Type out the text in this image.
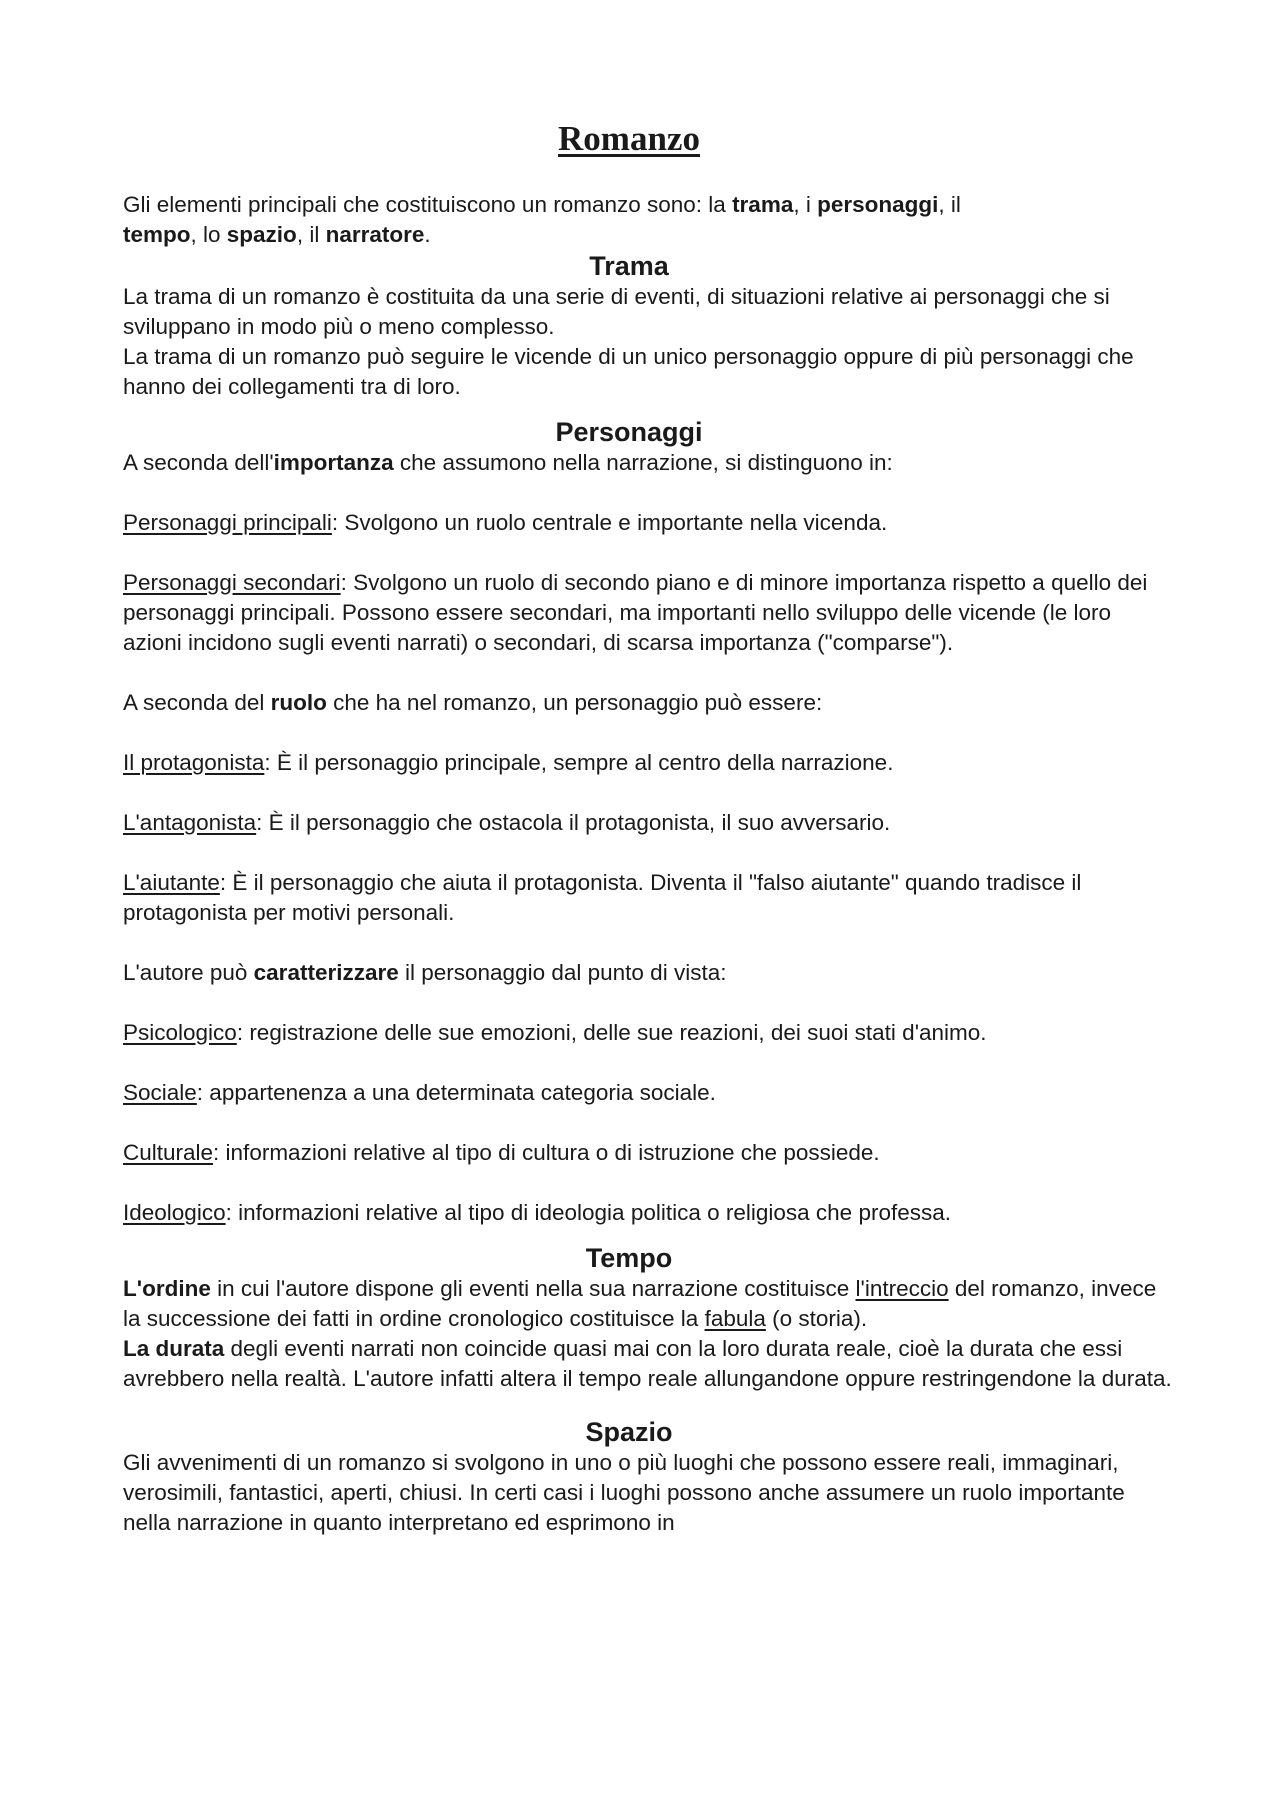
Romanzo

Gli elementi principali che costituiscono un romanzo sono: la trama, i personaggi, il
tempo, lo spazio, il narratore.

Trama

La trama di un romanzo è costituita da una serie di eventi, di situazioni relative ai personaggi che si sviluppano in modo più o meno complesso.

La trama di un romanzo può seguire le vicende di un unico personaggio oppure di più personaggi che hanno dei collegamenti tra di loro.

Personaggi

A seconda dell'importanza che assumono nella narrazione, si distinguono in:

Personaggi principali: Svolgono un ruolo centrale e importante nella vicenda.

Personaggi secondari: Svolgono un ruolo di secondo piano e di minore importanza rispetto a quello dei personaggi principali. Possono essere secondari, ma importanti nello sviluppo delle vicende (le loro azioni incidono sugli eventi narrati) o secondari, di scarsa importanza ("comparse").

A seconda del ruolo che ha nel romanzo, un personaggio può essere:

Il protagonista: È il personaggio principale, sempre al centro della narrazione.

L'antagonista: È il personaggio che ostacola il protagonista, il suo avversario.

L'aiutante: È il personaggio che aiuta il protagonista. Diventa il "falso aiutante" quando tradisce il protagonista per motivi personali.

L'autore può caratterizzare il personaggio dal punto di vista:

Psicologico: registrazione delle sue emozioni, delle sue reazioni, dei suoi stati d'animo.

Sociale: appartenenza a una determinata categoria sociale.

Culturale: informazioni relative al tipo di cultura o di istruzione che possiede.

Ideologico: informazioni relative al tipo di ideologia politica o religiosa che professa.

Tempo

L'ordine in cui l'autore dispone gli eventi nella sua narrazione costituisce l'intreccio del romanzo, invece la successione dei fatti in ordine cronologico costituisce la fabula (o storia).

La durata degli eventi narrati non coincide quasi mai con la loro durata reale, cioè la durata che essi avrebbero nella realtà. L'autore infatti altera il tempo reale allungandone oppure restringendone la durata.

Spazio

Gli avvenimenti di un romanzo si svolgono in uno o più luoghi che possono essere reali, immaginari, verosimili, fantastici, aperti, chiusi. In certi casi i luoghi possono anche assumere un ruolo importante nella narrazione in quanto interpretano ed esprimono in
